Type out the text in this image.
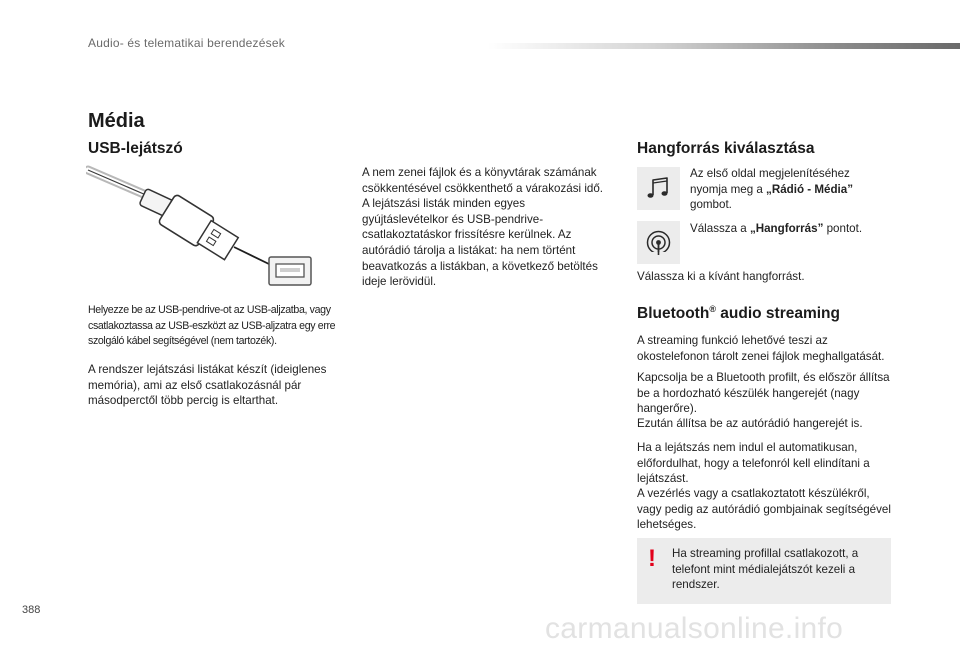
Audio- és telematikai berendezések
Média
USB-lejátszó
Helyezze be az USB-pendrive-ot az USB-aljzatba, vagy csatlakoztassa az USB-eszközt az USB-aljzatra egy erre szolgáló kábel segítségével (nem tartozék).
A rendszer lejátszási listákat készít (ideiglenes memória), ami az első csatlakozásnál pár másodperctől több percig is eltarthat.
A nem zenei fájlok és a könyvtárak számának csökkentésével csökkenthető a várakozási idő. A lejátszási listák minden egyes gyújtáslevételkor és USB-pendrive-csatlakoztatáskor frissítésre kerülnek. Az autórádió tárolja a listákat: ha nem történt beavatkozás a listákban, a következő betöltés ideje lerövidül.
Hangforrás kiválasztása
Az első oldal megjelenítéséhez nyomja meg a „Rádió - Média” gombot.
Válassza a „Hangforrás” pontot.
Válassza ki a kívánt hangforrást.
Bluetooth® audio streaming
A streaming funkció lehetővé teszi az okostelefonon tárolt zenei fájlok meghallgatását.
Kapcsolja be a Bluetooth profilt, és először állítsa be a hordozható készülék hangerejét (nagy hangerőre).
Ezután állítsa be az autórádió hangerejét is.
Ha a lejátszás nem indul el automatikusan, előfordulhat, hogy a telefonról kell elindítani a lejátszást.
A vezérlés vagy a csatlakoztatott készülékről, vagy pedig az autórádió gombjainak segítségével lehetséges.
! Ha streaming profillal csatlakozott, a telefont mint médialejátszót kezeli a rendszer.
388
carmanualsonline.info
